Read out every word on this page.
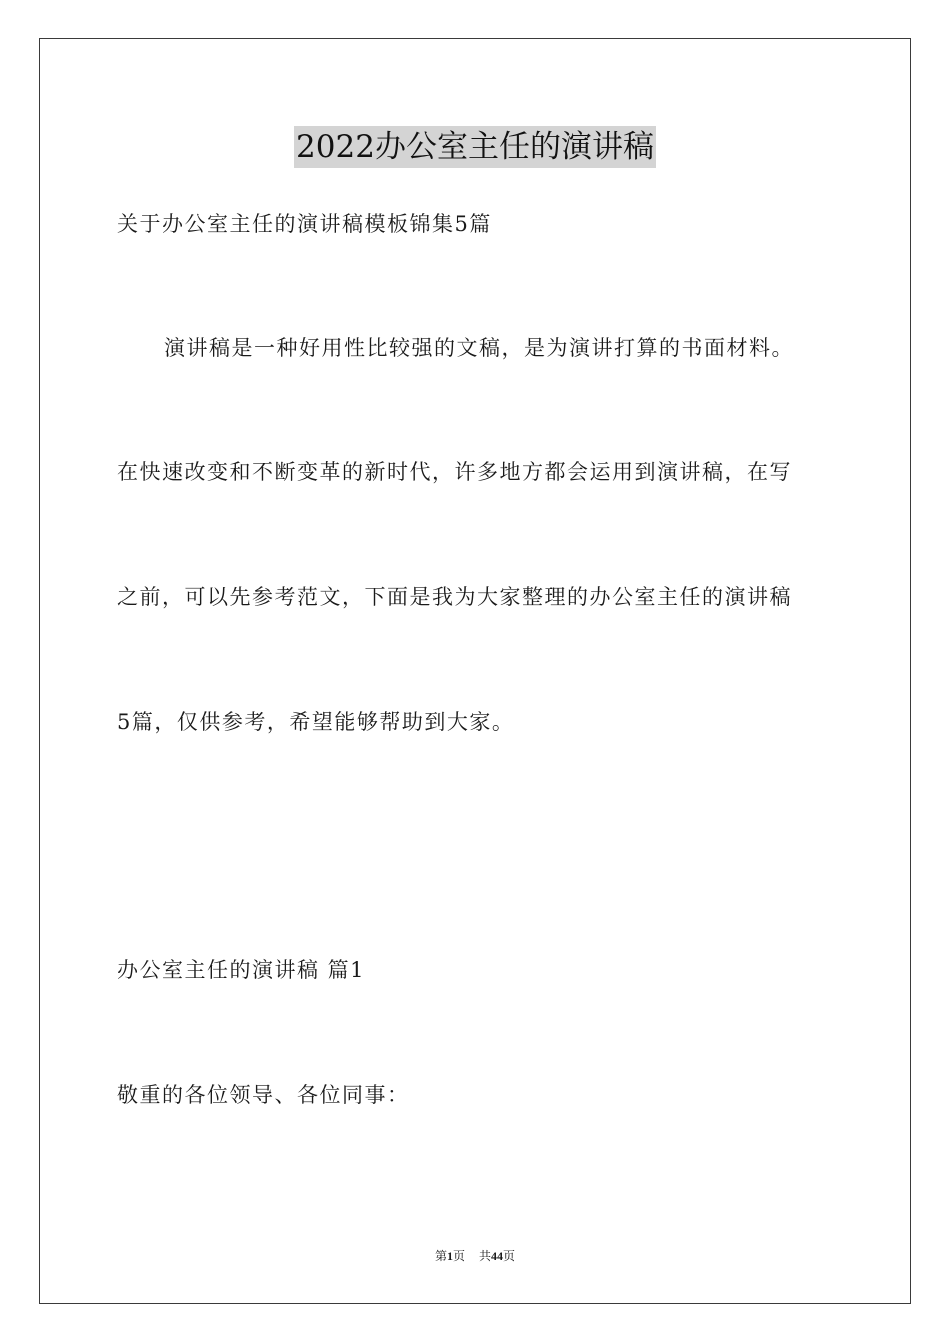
2022办公室主任的演讲稿
关于办公室主任的演讲稿模板锦集5篇
演讲稿是一种好用性比较强的文稿，是为演讲打算的书面材料。
在快速改变和不断变革的新时代，许多地方都会运用到演讲稿，在写
之前，可以先参考范文，下面是我为大家整理的办公室主任的演讲稿
5篇，仅供参考，希望能够帮助到大家。
办公室主任的演讲稿 篇1
敬重的各位领导、各位同事：
第1页 共44页
